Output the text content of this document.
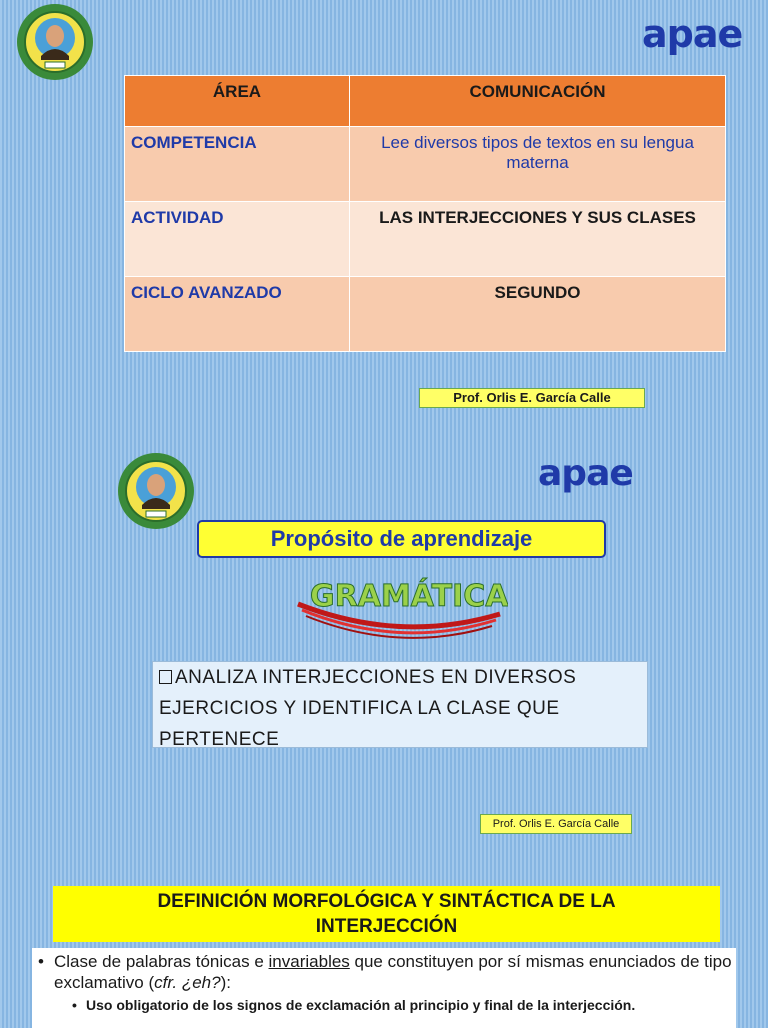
apae
ÁREA	COMUNICACIÓN
COMPETENCIA	Lee diversos tipos de textos en su lengua materna
ACTIVIDAD	LAS INTERJECCIONES Y SUS CLASES
CICLO AVANZADO	SEGUNDO
Prof. Orlis E. García Calle
apae
Propósito de aprendizaje
GRAMÁTICA
ANALIZA INTERJECCIONES EN DIVERSOS
EJERCICIOS Y IDENTIFICA LA CLASE QUE
PERTENECE
Prof. Orlis E. García Calle
DEFINICIÓN MORFOLÓGICA Y SINTÁCTICA DE LA
INTERJECCIÓN
• Clase de palabras tónicas e invariables que constituyen por sí mismas enunciados de tipo exclamativo (cfr. ¿eh?):
• Uso obligatorio de los signos de exclamación al principio y final de la interjección.
